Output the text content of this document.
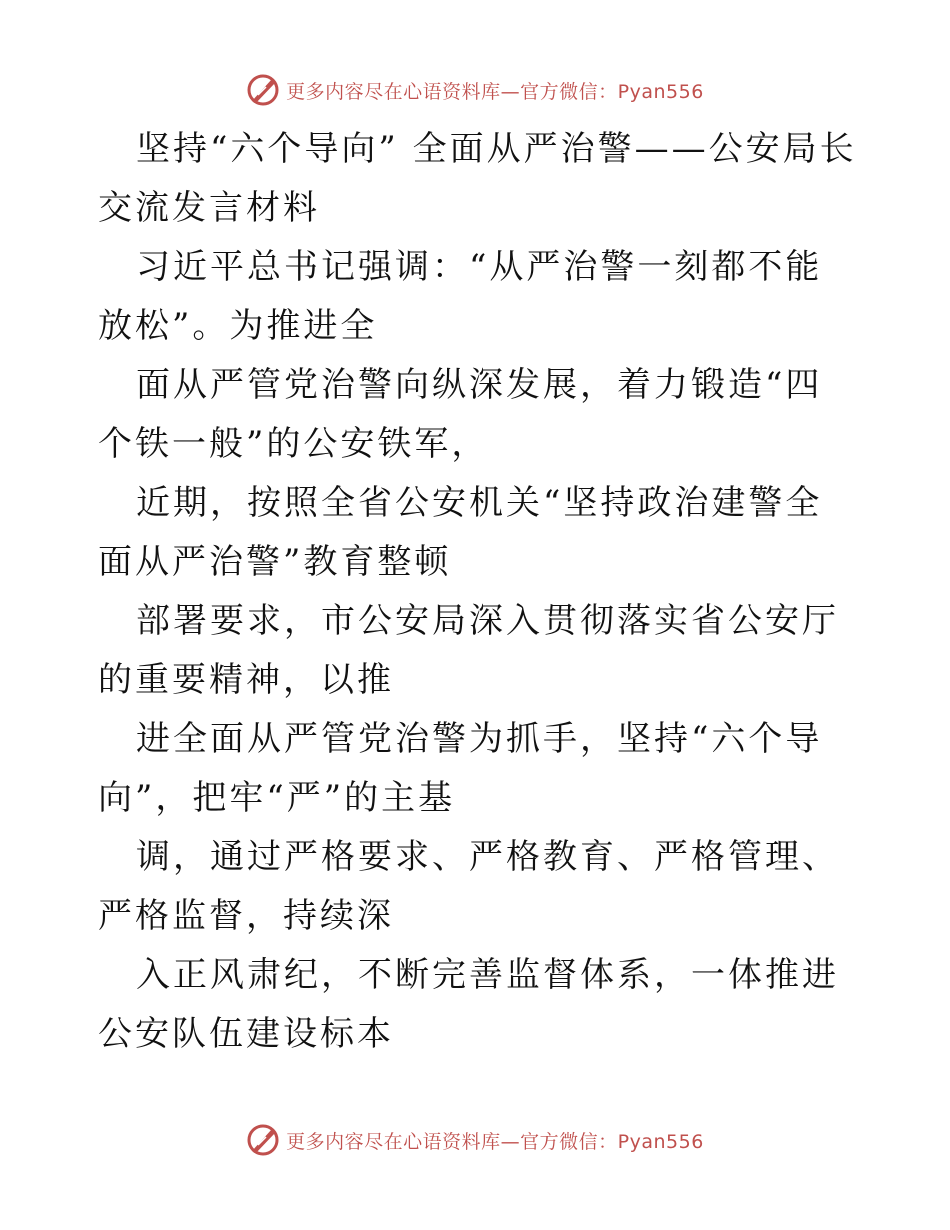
更多内容尽在心语资料库—官方微信：Pyan556

坚持“六个导向” 全面从严治警——公安局长交流发言材料

习近平总书记强调：“从严治警一刻都不能放松”。为推进全

面从严管党治警向纵深发展，着力锻造“四个铁一般”的公安铁军，

近期，按照全省公安机关“坚持政治建警全面从严治警”教育整顿

部署要求，市公安局深入贯彻落实省公安厅的重要精神，以推

进全面从严管党治警为抓手，坚持“六个导向”，把牢“严”的主基

调，通过严格要求、严格教育、严格管理、严格监督，持续深

入正风肃纪，不断完善监督体系，一体推进公安队伍建设标本

更多内容尽在心语资料库—官方微信：Pyan556
